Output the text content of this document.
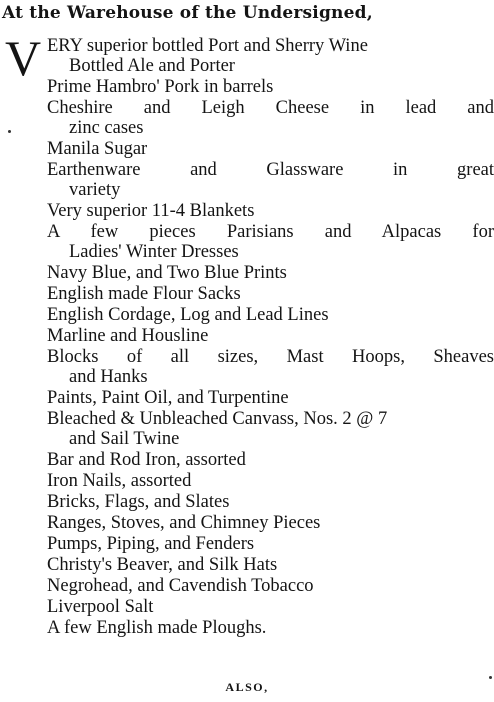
At the Warehouse of the Undersigned,
V ERY superior bottled Port and Sherry Wine
Bottled Ale and Porter
Prime Hambro' Pork in barrels
Cheshire and Leigh Cheese in lead and
zinc cases
Manila Sugar
Earthenware and Glassware in great
variety
Very superior 11-4 Blankets
A few pieces Parisians and Alpacas for
Ladies' Winter Dresses
Navy Blue, and Two Blue Prints
English made Flour Sacks
English Cordage, Log and Lead Lines
Marline and Housline
Blocks of all sizes, Mast Hoops, Sheaves
and Hanks
Paints, Paint Oil, and Turpentine
Bleached & Unbleached Canvass, Nos. 2 @ 7
and Sail Twine
Bar and Rod Iron, assorted
Iron Nails, assorted
Bricks, Flags, and Slates
Ranges, Stoves, and Chimney Pieces
Pumps, Piping, and Fenders
Christy's Beaver, and Silk Hats
Negrohead, and Cavendish Tobacco
Liverpool Salt
A few English made Ploughs.
ALSO,
